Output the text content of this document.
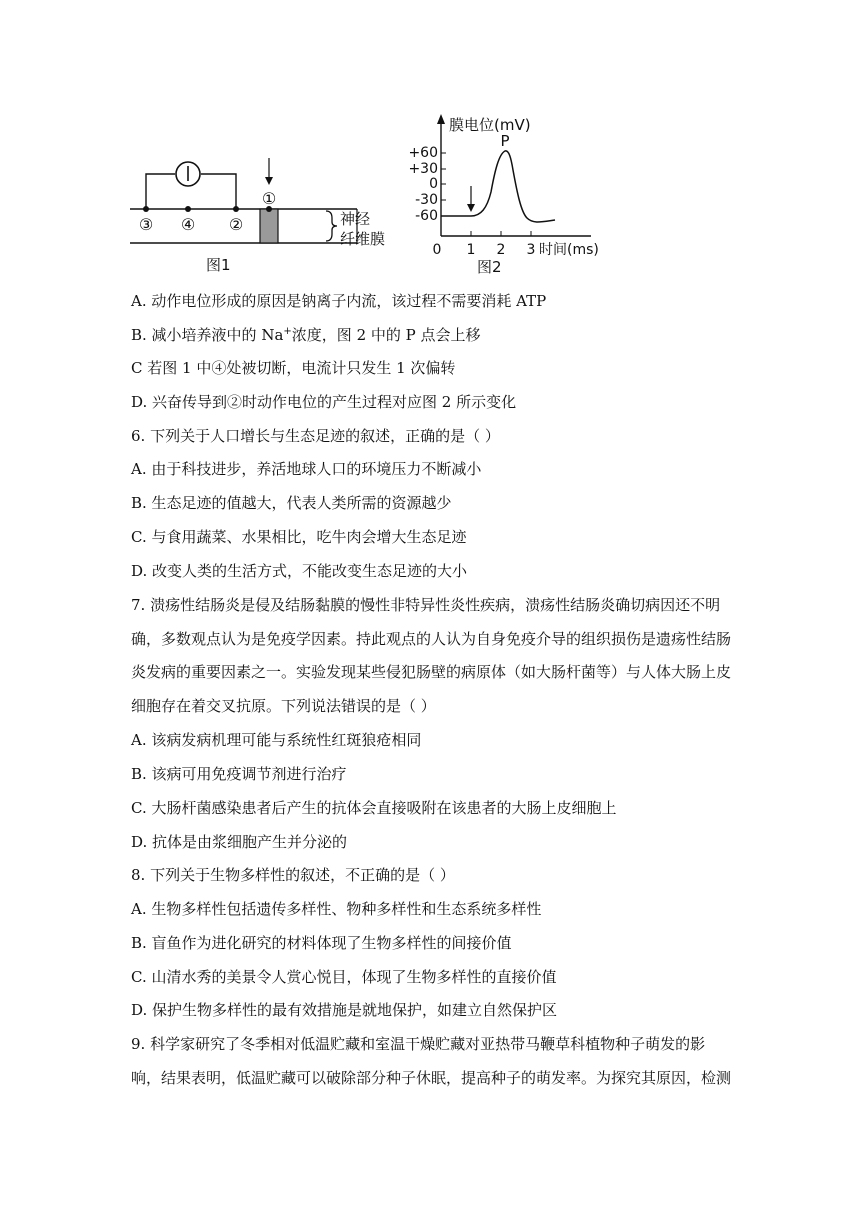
①
③ ④ ②	神经
纤维膜
图1
膜电位(mV)
+60
+30
0
-30
-60
0 1 2 3 时间(ms)
P
图2
A. 动作电位形成的原因是钠离子内流，该过程不需要消耗 ATP
B. 减小培养液中的 Na+浓度，图 2 中的 P 点会上移
C 若图 1 中④处被切断，电流计只发生 1 次偏转
D. 兴奋传导到②时动作电位的产生过程对应图 2 所示变化
6. 下列关于人口增长与生态足迹的叙述，正确的是（ ）
A. 由于科技进步，养活地球人口的环境压力不断减小
B. 生态足迹的值越大，代表人类所需的资源越少
C. 与食用蔬菜、水果相比，吃牛肉会增大生态足迹
D. 改变人类的生活方式，不能改变生态足迹的大小
7. 溃疡性结肠炎是侵及结肠黏膜的慢性非特异性炎性疾病，溃疡性结肠炎确切病因还不明
确，多数观点认为是免疫学因素。持此观点的人认为自身免疫介导的组织损伤是遗疡性结肠
炎发病的重要因素之一。实验发现某些侵犯肠壁的病原体（如大肠杆菌等）与人体大肠上皮
细胞存在着交叉抗原。下列说法错误的是（ ）
A. 该病发病机理可能与系统性红斑狼疮相同
B. 该病可用免疫调节剂进行治疗
C. 大肠杆菌感染患者后产生的抗体会直接吸附在该患者的大肠上皮细胞上
D. 抗体是由浆细胞产生并分泌的
8. 下列关于生物多样性的叙述，不正确的是（ ）
A. 生物多样性包括遗传多样性、物种多样性和生态系统多样性
B. 盲鱼作为进化研究的材料体现了生物多样性的间接价值
C. 山清水秀的美景令人赏心悦目，体现了生物多样性的直接价值
D. 保护生物多样性的最有效措施是就地保护，如建立自然保护区
9. 科学家研究了冬季相对低温贮藏和室温干燥贮藏对亚热带马鞭草科植物种子萌发的影
响，结果表明，低温贮藏可以破除部分种子休眠，提高种子的萌发率。为探究其原因，检测
